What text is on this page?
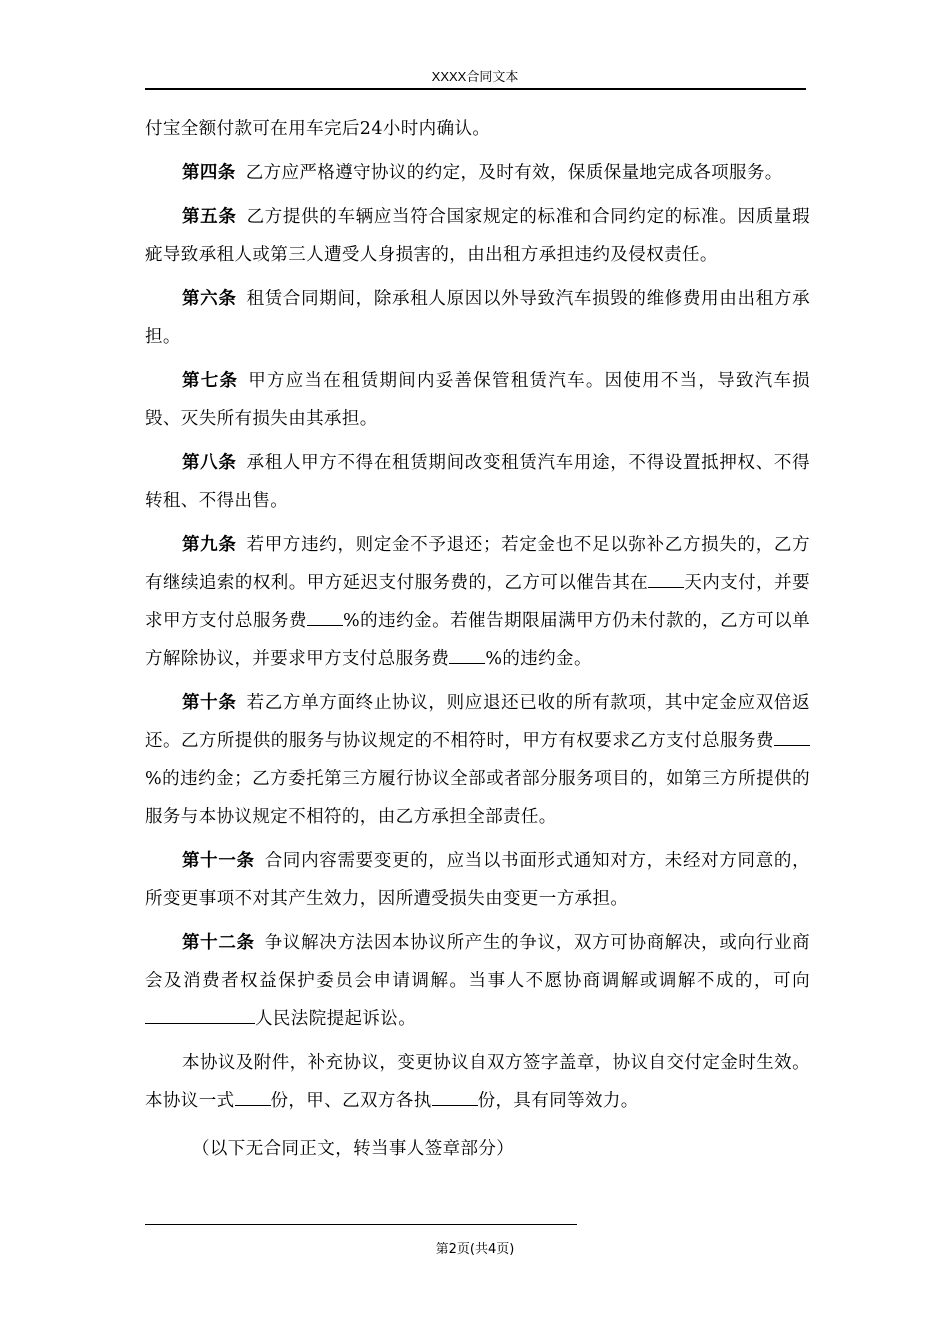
XXXX合同文本

付宝全额付款可在用车完后24小时内确认。

第四条 乙方应严格遵守协议的约定，及时有效，保质保量地完成各项服务。

第五条 乙方提供的车辆应当符合国家规定的标准和合同约定的标准。因质量瑕疵导致承租人或第三人遭受人身损害的，由出租方承担违约及侵权责任。

第六条 租赁合同期间，除承租人原因以外导致汽车损毁的维修费用由出租方承担。

第七条 甲方应当在租赁期间内妥善保管租赁汽车。因使用不当，导致汽车损毁、灭失所有损失由其承担。

第八条 承租人甲方不得在租赁期间改变租赁汽车用途，不得设置抵押权、不得转租、不得出售。

第九条 若甲方违约，则定金不予退还；若定金也不足以弥补乙方损失的，乙方有继续追索的权利。甲方延迟支付服务费的，乙方可以催告其在 天内支付，并要求甲方支付总服务费 %的违约金。若催告期限届满甲方仍未付款的，乙方可以单方解除协议，并要求甲方支付总服务费 %的违约金。

第十条 若乙方单方面终止协议，则应退还已收的所有款项，其中定金应双倍返还。乙方所提供的服务与协议规定的不相符时，甲方有权要求乙方支付总服务费%的违约金；乙方委托第三方履行协议全部或者部分服务项目的，如第三方所提供的服务与本协议规定不相符的，由乙方承担全部责任。

第十一条 合同内容需要变更的，应当以书面形式通知对方，未经对方同意的，所变更事项不对其产生效力，因所遭受损失由变更一方承担。

第十二条 争议解决方法因本协议所产生的争议，双方可协商解决，或向行业商会及消费者权益保护委员会申请调解。当事人不愿协商调解或调解不成的，可向人民法院提起诉讼。

本协议及附件，补充协议，变更协议自双方签字盖章，协议自交付定金时生效。 本协议一式 份，甲、乙双方各执	份，具有同等效力。

（以下无合同正文，转当事人签章部分）
第2页(共4页)
